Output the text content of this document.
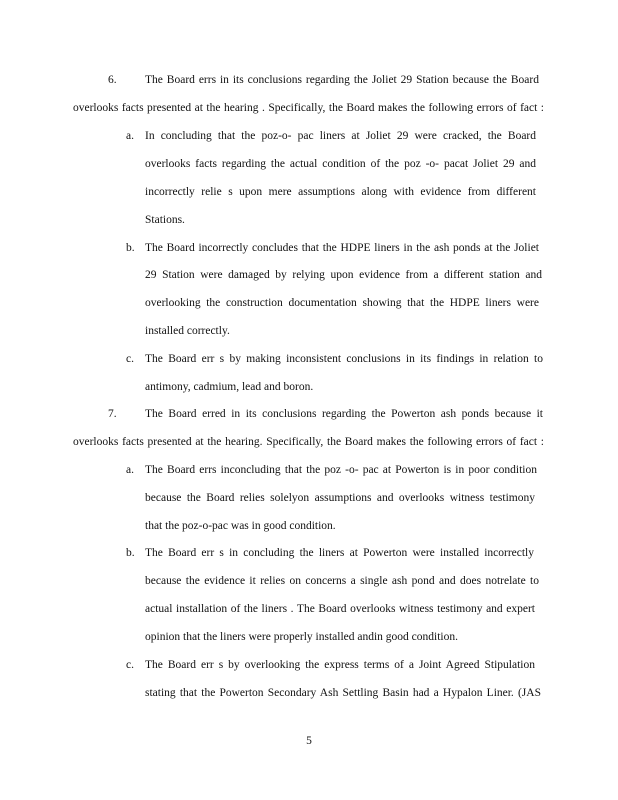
6. The Board errs in its conclusions regarding the Joliet 29 Station because the Board
overlooks facts presented at the hearing . Specifically, the Board makes the following errors of fact :
a. In concluding that the poz-o- pac liners at Joliet 29 were cracked, the Board
overlooks facts regarding the actual condition of the poz -o- pacat Joliet 29 and
incorrectly relie s upon mere assumptions along with evidence from different
Stations.
b. The Board incorrectly concludes that the HDPE liners in the ash ponds at the Joliet
29 Station were damaged by relying upon evidence from a different station and
overlooking the construction documentation showing that the HDPE liners were
installed correctly.
c. The Board err s by making inconsistent conclusions in its findings in relation to
antimony, cadmium, lead and boron.
7. The Board erred in its conclusions regarding the Powerton ash ponds because it
overlooks facts presented at the hearing. Specifically, the Board makes the following errors of fact :
a. The Board errs inconcluding that the poz -o- pac at Powerton is in poor condition
because the Board relies solelyon assumptions and overlooks witness testimony
that the poz-o-pac was in good condition.
b. The Board err s in concluding the liners at Powerton were installed incorrectly
because the evidence it relies on concerns a single ash pond and does notrelate to
actual installation of the liners . The Board overlooks witness testimony and expert
opinion that the liners were properly installed andin good condition.
c. The Board err s by overlooking the express terms of a Joint Agreed Stipulation
stating that the Powerton Secondary Ash Settling Basin had a Hypalon Liner. (JAS
5
